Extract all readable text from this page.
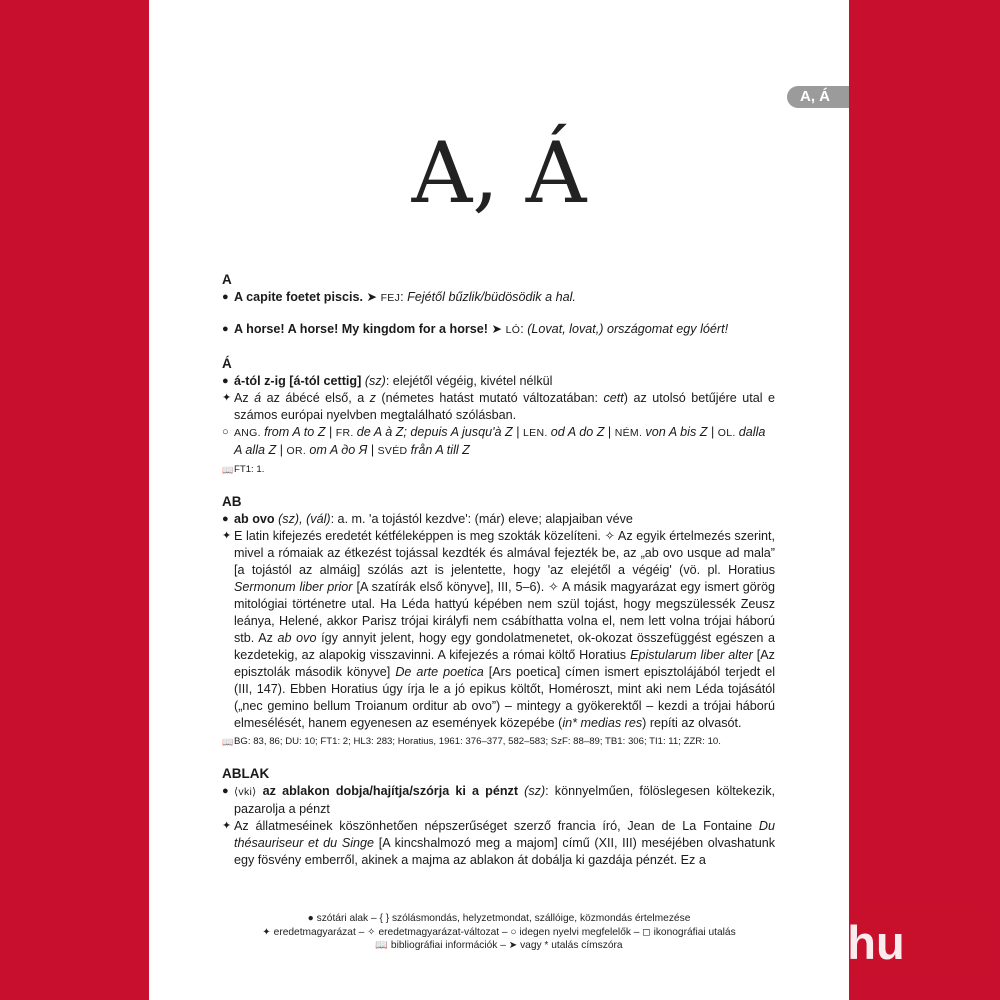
A, Á
A, Á
A
● A capite foetet piscis. ➤ FEJ: Fejétől bűzlik/büdösödik a hal.
● A horse! A horse! My kingdom for a horse! ➤ LÓ: (Lovat, lovat,) országomat egy lóért!
Á
● á-tól z-ig [á-tól cettig] (sz): elejétől végéig, kivétel nélkül
✦ Az á az ábécé első, a z (németes hatást mutató változatában: cett) az utolsó betűjére utal e számos európai nyelvben megtalálható szólásban.
○ ANG. from A to Z | FR. de A à Z; depuis A jusqu'à Z | LEN. od A do Z | NÉM. von A bis Z | OL. dalla A alla Z | OR. om A дo Я | SVÉD från A till Z
📖 FT1: 1.
AB
● ab ovo (sz), (vál): a. m. 'a tojástól kezdve': (már) eleve; alapjaiban véve
✦ E latin kifejezés eredetét kétféleképpen is meg szokták közelíteni. ✧ Az egyik értelmezés szerint, mivel a rómaiak az étkezést tojással kezdték és almával fejezték be, az „ab ovo usque ad mala” [a tojástól az almáig] szólás azt is jelentette, hogy 'az elejétől a végéig' (vö. pl. Horatius Sermonum liber prior [A szatírák első könyve], III, 5–6). ✧ A másik magyarázat egy ismert görög mitológiai történetre utal. Ha Léda hattyú képében nem szül tojást, hogy megszülessék Zeusz leánya, Helené, akkor Parisz trójai királyfi nem csábíthatta volna el, nem lett volna trójai háború stb. Az ab ovo így annyit jelent, hogy egy gondolatmenetet, ok-okozat összefüggést egészen a kezdetekig, az alapokig visszavinni. A kifejezés a római költő Horatius Epistularum liber alter [Az episztolák második könyve] De arte poetica [Ars poetica] címen ismert episztolájából terjedt el (III, 147). Ebben Horatius úgy írja le a jó epikus költőt, Homéroszt, mint aki nem Léda tojásától („nec gemino bellum Troianum orditur ab ovo”) – mintegy a gyökerektől – kezdi a trójai háború elmesélését, hanem egyenesen az események közepébe (in* medias res) repíti az olvasót.
📖 BG: 83, 86; DU: 10; FT1: 2; HL3: 283; Horatius, 1961: 376–377, 582–583; SzF: 88–89; TB1: 306; TI1: 11; ZZR: 10.
ABLAK
● ⟨vki⟩ az ablakon dobja/hajítja/szórja ki a pénzt (sz): könnyelműen, fölöslegesen költekezik, pazarolja a pénzt
✦ Az állatmeséinek köszönhetően népszerűséget szerző francia író, Jean de La Fontaine Du thésauriseur et du Singe [A kincshalmozó meg a majom] című (XII, III) meséjében olvashatunk egy fösvény emberről, akinek a majma az ablakon át dobálja ki gazdája pénzét. Ez a
● szótári alak – { } szólásmondás, helyzetmondat, szállóige, közmondás értelmezése
✦ eredetmagyarázat – ✧ eredetmagyarázat-változat – ○ idegen nyelvi megfelelők – ◻ ikonográfiai utalás
📖 bibliográfiai információk – ➤ vagy * utalás címszóra	tinta.hu
